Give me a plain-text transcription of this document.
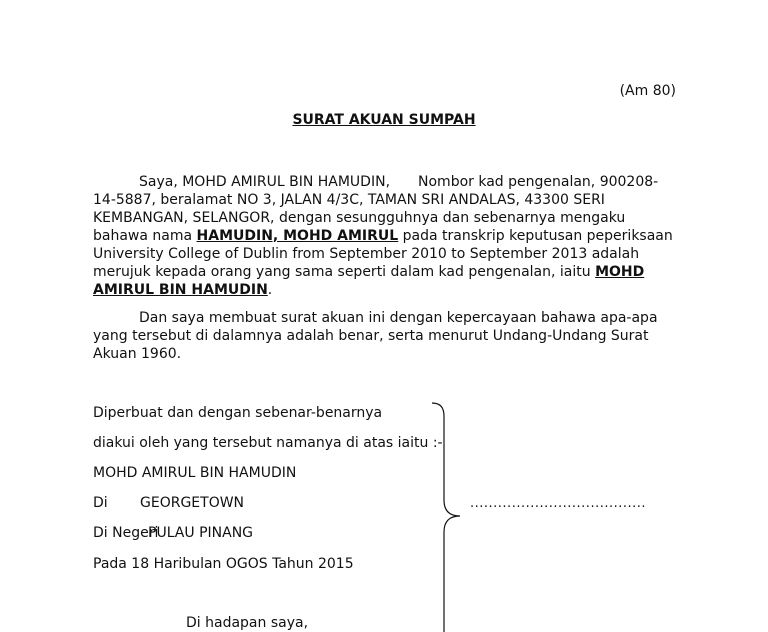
(Am 80)
SURAT AKUAN SUMPAH

Saya, MOHD AMIRUL BIN HAMUDIN, Nombor kad pengenalan, 900208-14-5887, beralamat NO 3, JALAN 4/3C, TAMAN SRI ANDALAS, 43300 SERI KEMBANGAN, SELANGOR, dengan sesungguhnya dan sebenarnya mengaku bahawa nama HAMUDIN, MOHD AMIRUL pada transkrip keputusan peperiksaan University College of Dublin from September 2010 to September 2013 adalah merujuk kepada orang yang sama seperti dalam kad pengenalan, iaitu MOHD AMIRUL BIN HAMUDIN.

Dan saya membuat surat akuan ini dengan kepercayaan bahawa apa-apa yang tersebut di dalamnya adalah benar, serta menurut Undang-Undang Surat Akuan 1960.

Diperbuat dan dengan sebenar-benarnya
diakui oleh yang tersebut namanya di atas iaitu :-
MOHD AMIRUL BIN HAMUDIN
Di GEORGETOWN
Di NegeriPULAU PINANG
Pada 18 Haribulan OGOS Tahun 2015
Di hadapan saya,
......................................
